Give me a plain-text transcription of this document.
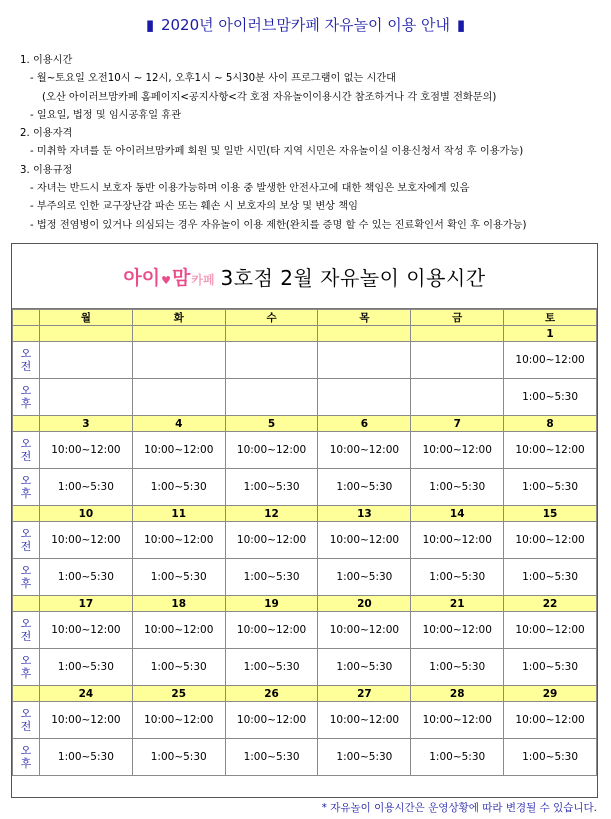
▮ 2020년 아이러브맘카페 자유놀이 이용 안내 ▮
1. 이용시간
- 월~토요일 오전10시 ~ 12시, 오후1시 ~ 5시30분 사이 프로그램이 없는 시간대
(오산 아이러브맘카페 홈페이지<공지사항<각 호점 자유놀이이용시간 참조하거나 각 호점별 전화문의)
- 일요일, 법정 및 임시공휴일 휴관
2. 이용자격
- 미취학 자녀를 둔 아이러브맘카페 회원 및 일반 시민(타 지역 시민은 자유놀이실 이용신청서 작성 후 이용가능)
3. 이용규정
- 자녀는 반드시 보호자 동반 이용가능하며 이용 중 발생한 안전사고에 대한 책임은 보호자에게 있음
- 부주의로 인한 교구장난감 파손 또는 훼손 시 보호자의 보상 및 변상 책임
- 법정 전염병이 있거나 의심되는 경우 자유놀이 이용 제한(완치를 증명 할 수 있는 진료확인서 확인 후 이용가능)
아이 ♥ 맘 카페 3호점 2월 자유놀이 이용시간
	월	화	수	목	금	토
						1

오
전						10:00~12:00

오
후						1:00~5:30
	3	4	5	6	7	8

오
전	10:00~12:00	10:00~12:00	10:00~12:00	10:00~12:00	10:00~12:00	10:00~12:00

오
후	1:00~5:30	1:00~5:30	1:00~5:30	1:00~5:30	1:00~5:30	1:00~5:30
	10	11	12	13	14	15

오
전	10:00~12:00	10:00~12:00	10:00~12:00	10:00~12:00	10:00~12:00	10:00~12:00

오
후	1:00~5:30	1:00~5:30	1:00~5:30	1:00~5:30	1:00~5:30	1:00~5:30
	17	18	19	20	21	22

오
전	10:00~12:00	10:00~12:00	10:00~12:00	10:00~12:00	10:00~12:00	10:00~12:00

오
후	1:00~5:30	1:00~5:30	1:00~5:30	1:00~5:30	1:00~5:30	1:00~5:30
	24	25	26	27	28	29

오
전	10:00~12:00	10:00~12:00	10:00~12:00	10:00~12:00	10:00~12:00	10:00~12:00

오
후	1:00~5:30	1:00~5:30	1:00~5:30	1:00~5:30	1:00~5:30	1:00~5:30
* 자유놀이 이용시간은 운영상황에 따라 변경될 수 있습니다.
